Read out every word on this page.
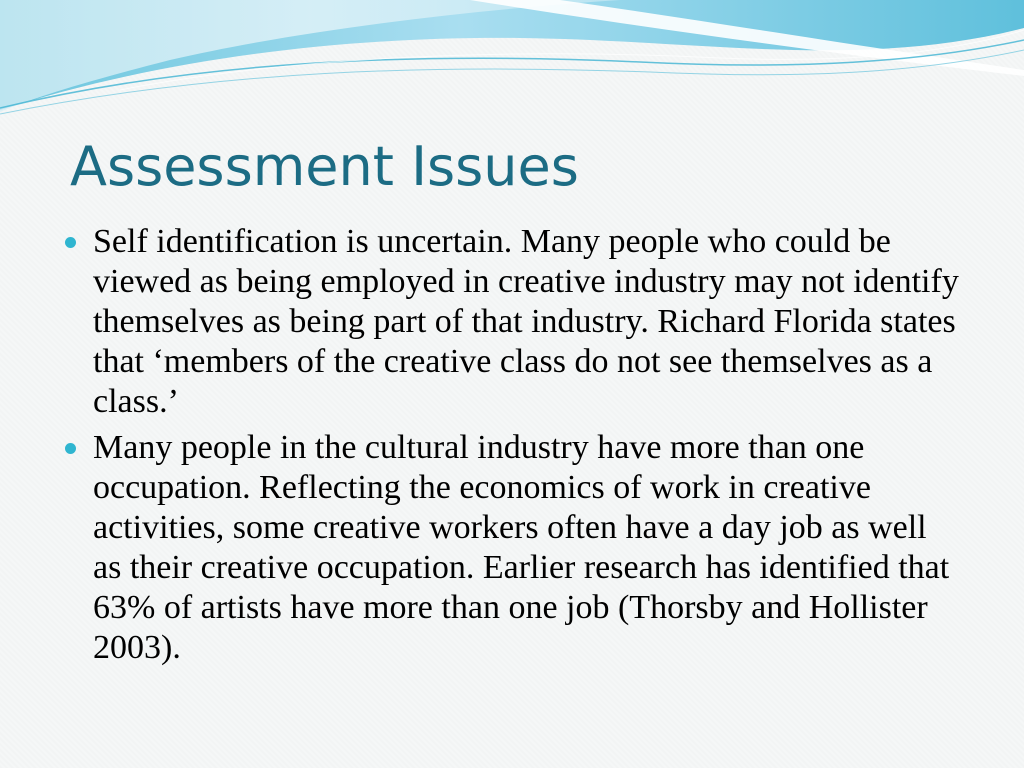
Assessment Issues
Self identification is uncertain. Many people who could be viewed as being employed in creative industry may not identify themselves as being part of that industry. Richard Florida states that ‘members of the creative class do not see themselves as a class.’
Many people in the cultural industry have more than one occupation. Reflecting the economics of work in creative activities, some creative workers often have a day job as well as their creative occupation. Earlier research has identified that 63% of artists have more than one job (Thorsby and Hollister 2003).
